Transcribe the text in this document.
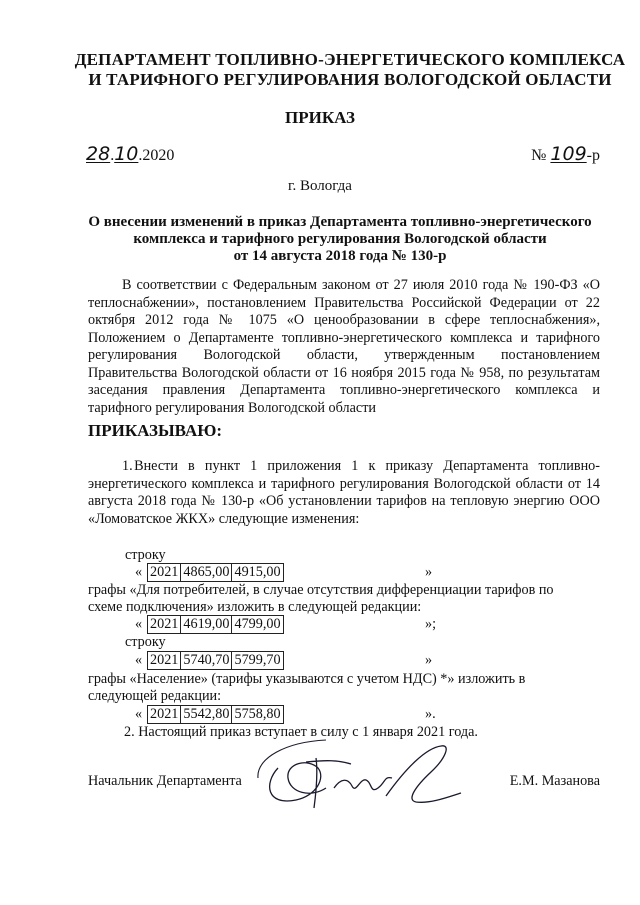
ДЕПАРТАМЕНТ ТОПЛИВНО-ЭНЕРГЕТИЧЕСКОГО КОМПЛЕКСА
И ТАРИФНОГО РЕГУЛИРОВАНИЯ ВОЛОГОДСКОЙ ОБЛАСТИ
ПРИКАЗ
28.10.2020	№ 109-р
г. Вологда
О внесении изменений в приказ Департамента топливно-энергетического
комплекса и тарифного регулирования Вологодской области
от 14 августа 2018 года № 130-р
В соответствии с Федеральным законом от 27 июля 2010 года № 190-ФЗ «О теплоснабжении», постановлением Правительства Российской Федерации от 22 октября 2012 года № 1075 «О ценообразовании в сфере теплоснабжения», Положением о Департаменте топливно-энергетического комплекса и тарифного регулирования Вологодской области, утвержденным постановлением Правительства Вологодской области от 16 ноября 2015 года № 958, по результатам заседания правления Департамента топливно-энергетического комплекса и тарифного регулирования Вологодской области
ПРИКАЗЫВАЮ:
1. Внести в пункт 1 приложения 1 к приказу Департамента топливно-энергетического комплекса и тарифного регулирования Вологодской области от 14 августа 2018 года № 130-р «Об установлении тарифов на тепловую энергию ООО «Ломоватское ЖКХ» следующие изменения:
строку
« 2021	4865,00	4915,00	»
графы «Для потребителей, в случае отсутствия дифференциации тарифов по
схеме подключения» изложить в следующей редакции:
« 2021	4619,00	4799,00	»;
строку
« 2021	5740,70	5799,70	»
графы «Население» (тарифы указываются с учетом НДС) *» изложить в
следующей редакции:
« 2021	5542,80	5758,80	».
2. Настоящий приказ вступает в силу с 1 января 2021 года.
Начальник Департамента	Е.М. Мазанова
